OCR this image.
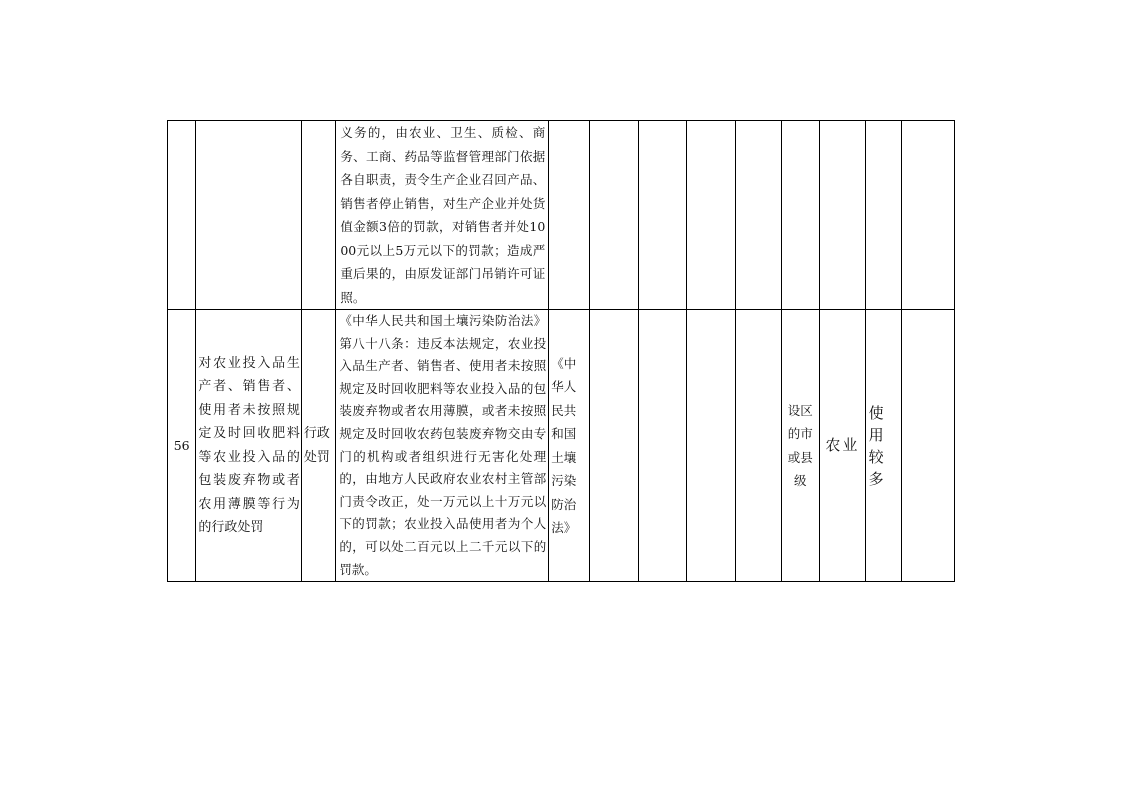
			义务的，由农业、卫生、质检、商务、工商、药品等监督管理部门依据各自职责，责令生产企业召回产品、销售者停止销售，对生产企业并处货值金额3倍的罚款，对销售者并处1000元以上5万元以下的罚款；造成严重后果的，由原发证部门吊销许可证照。									

56	对农业投入品生产者、销售者、使用者未按照规定及时回收肥料等农业投入品的包装废弃物或者农用薄膜等行为的行政处罚	行政处罚	《中华人民共和国土壤污染防治法》第八十八条：违反本法规定，农业投入品生产者、销售者、使用者未按照规定及时回收肥料等农业投入品的包装废弃物或者农用薄膜，或者未按照规定及时回收农药包装废弃物交由专门的机构或者组织进行无害化处理的，由地方人民政府农业农村主管部门责令改正，处一万元以上十万元以下的罚款；农业投入品使用者为个人的，可以处二百元以上二千元以下的罚款。	《中华人民共和国土壤污染防治法》					设区的市或县级	农业	使用较多	
